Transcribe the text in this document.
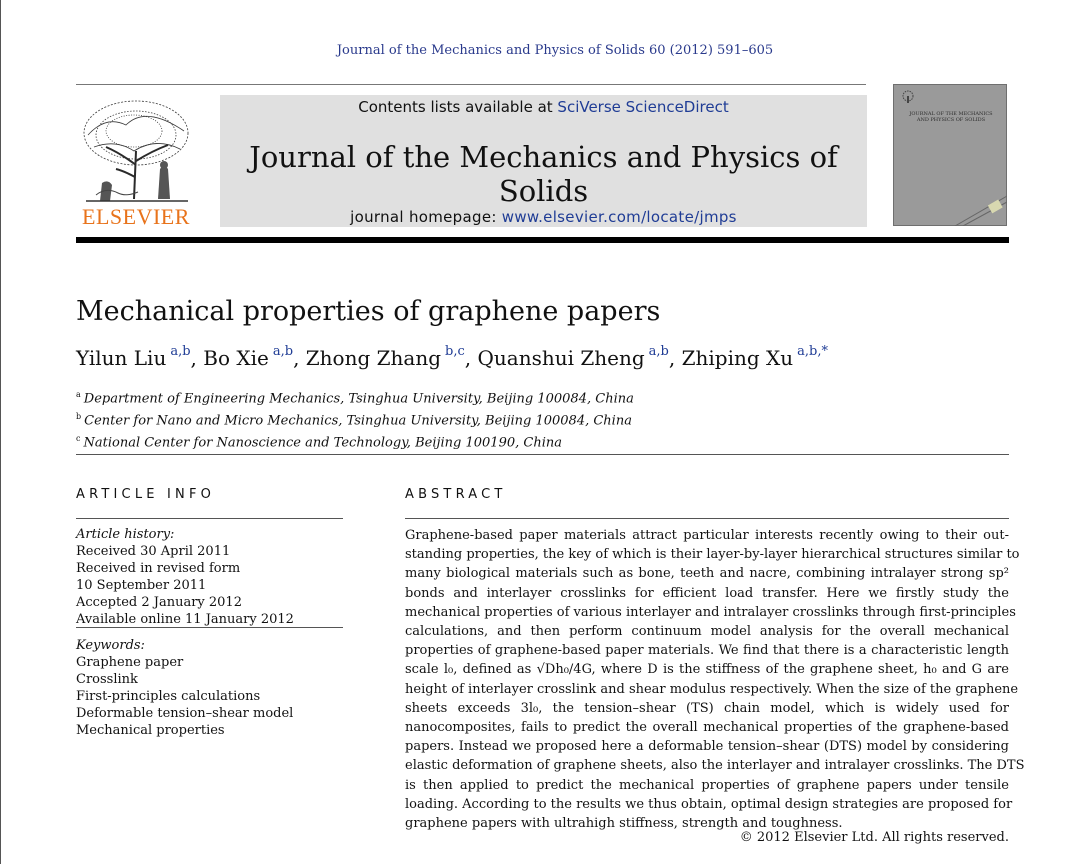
Journal of the Mechanics and Physics of Solids 60 (2012) 591–605
ELSEVIER
Contents lists available at SciVerse ScienceDirect
Journal of the Mechanics and Physics of Solids
journal homepage: www.elsevier.com/locate/jmps
JOURNAL OF THE MECHANICS AND PHYSICS OF SOLIDS
Mechanical properties of graphene papers
Yilun Liu  $^{a,b}$, Bo Xie  $^{a,b}$, Zhong Zhang  $^{b,c}$, Quanshui Zheng  $^{a,b}$, Zhiping Xu  $^{a,b,*}$
$^a$ Department of Engineering Mechanics, Tsinghua University, Beijing 100084, China
$^b$ Center for Nano and Micro Mechanics, Tsinghua University, Beijing 100084, China
$^c$ National Center for Nanoscience and Technology, Beijing 100190, China
ARTICLE INFO
Article history:
Received 30 April 2011
Received in revised form
10 September 2011
Accepted 2 January 2012
Available online 11 January 2012
Keywords:
Graphene paper
Crosslink
First-principles calculations
Deformable tension–shear model
Mechanical properties
ABSTRACT
Graphene-based paper materials attract particular interests recently owing to their out-
standing properties, the key of which is their layer-by-layer hierarchical structures similar to
many biological materials such as bone, teeth and nacre, combining intralayer strong sp²
bonds and interlayer crosslinks for efficient load transfer. Here we firstly study the
mechanical properties of various interlayer and intralayer crosslinks through first-principles
calculations, and then perform continuum model analysis for the overall mechanical
properties of graphene-based paper materials. We find that there is a characteristic length
scale l₀, defined as √Dh₀/4G, where D is the stiffness of the graphene sheet, h₀ and G are
height of interlayer crosslink and shear modulus respectively. When the size of the graphene
sheets exceeds 3l₀, the tension–shear (TS) chain model, which is widely used for
nanocomposites, fails to predict the overall mechanical properties of the graphene-based
papers. Instead we proposed here a deformable tension–shear (DTS) model by considering
elastic deformation of graphene sheets, also the interlayer and intralayer crosslinks. The DTS
is then applied to predict the mechanical properties of graphene papers under tensile
loading. According to the results we thus obtain, optimal design strategies are proposed for
graphene papers with ultrahigh stiffness, strength and toughness.
© 2012 Elsevier Ltd. All rights reserved.
